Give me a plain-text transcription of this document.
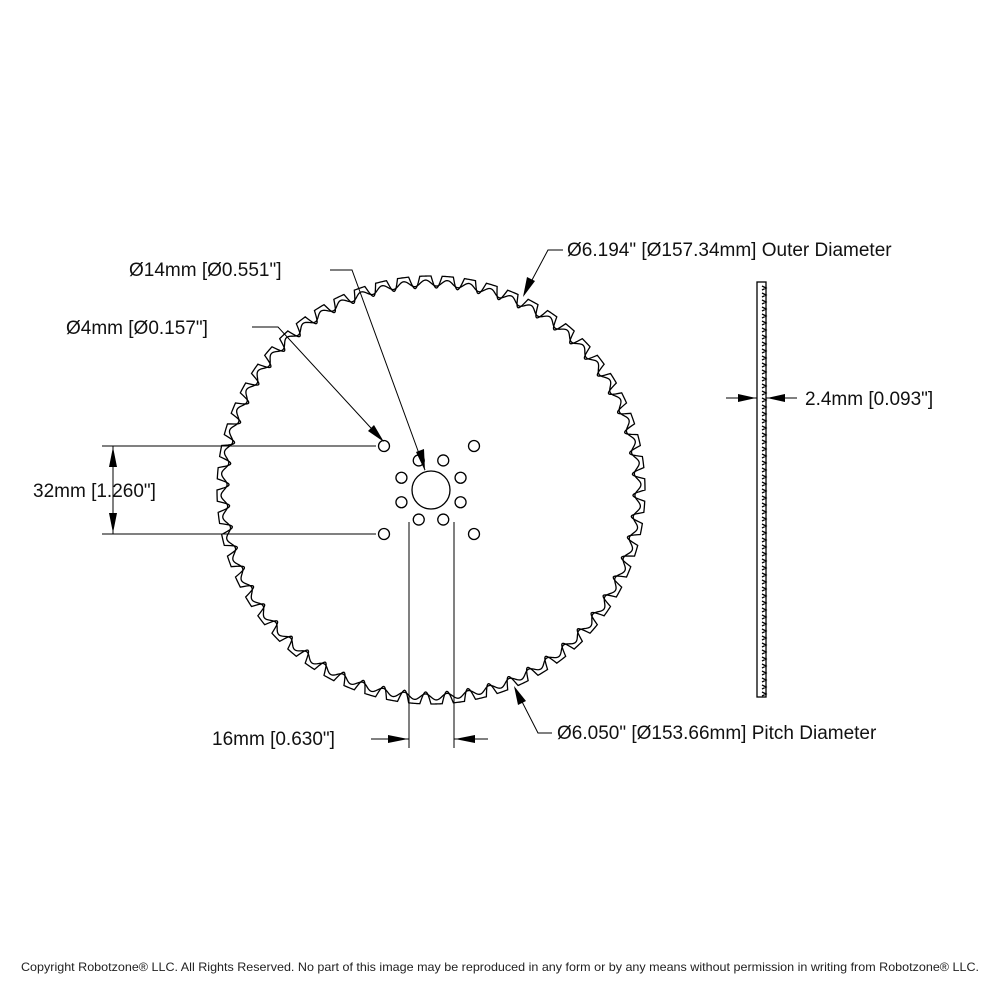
Ø14mm [Ø0.551"]
Ø4mm [Ø0.157"]
Ø6.194" [Ø157.34mm] Outer Diameter
Ø6.050" [Ø153.66mm] Pitch Diameter
32mm [1.260"]
16mm [0.630"]
2.4mm [0.093"]
Copyright Robotzone® LLC. All Rights Reserved. No part of this image may be reproduced in any form or by any means without permission in writing from Robotzone® LLC.
